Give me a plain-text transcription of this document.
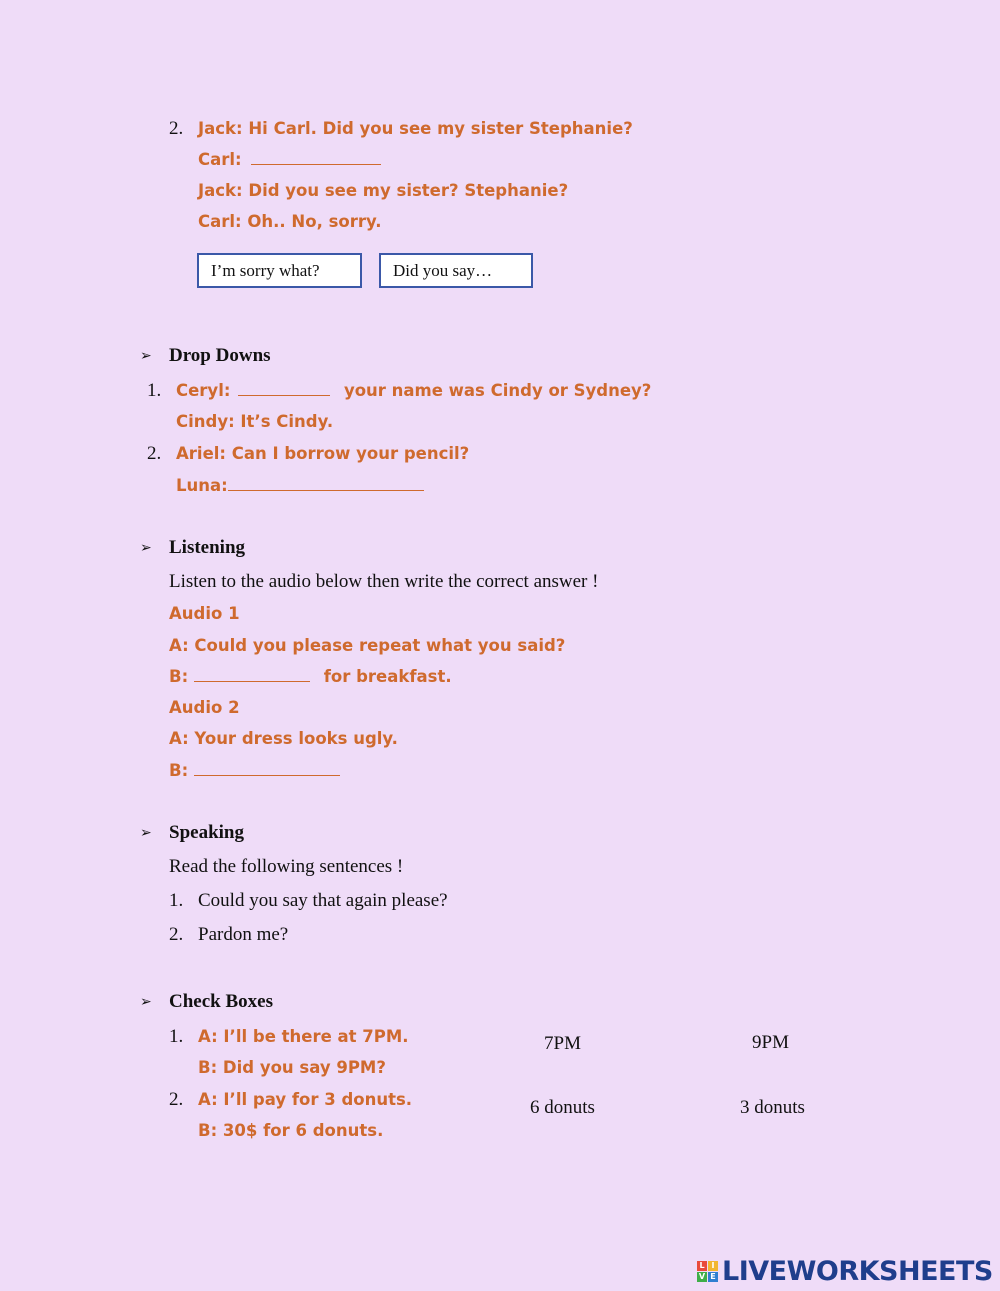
2. Jack: Hi Carl. Did you see my sister Stephanie?
Carl:
Jack: Did you see my sister? Stephanie?
Carl: Oh.. No, sorry.
I’m sorry what?	Did you say…
➢ Drop Downs
1. Ceryl:	your name was Cindy or Sydney?
Cindy: It’s Cindy.
2. Ariel: Can I borrow your pencil?
Luna:
➢ Listening
Listen to the audio below then write the correct answer !
Audio 1
A: Could you please repeat what you said?
B:	for breakfast.
Audio 2
A: Your dress looks ugly.
B:
➢ Speaking
Read the following sentences !
1. Could you say that again please?
2. Pardon me?
➢ Check Boxes
1. A: I’ll be there at 7PM.
B: Did you say 9PM?
7PM	9PM
2. A: I’ll pay for 3 donuts.
B: 30$ for 6 donuts.
6 donuts	3 donuts
L I
V E LIVEWORKSHEETS
